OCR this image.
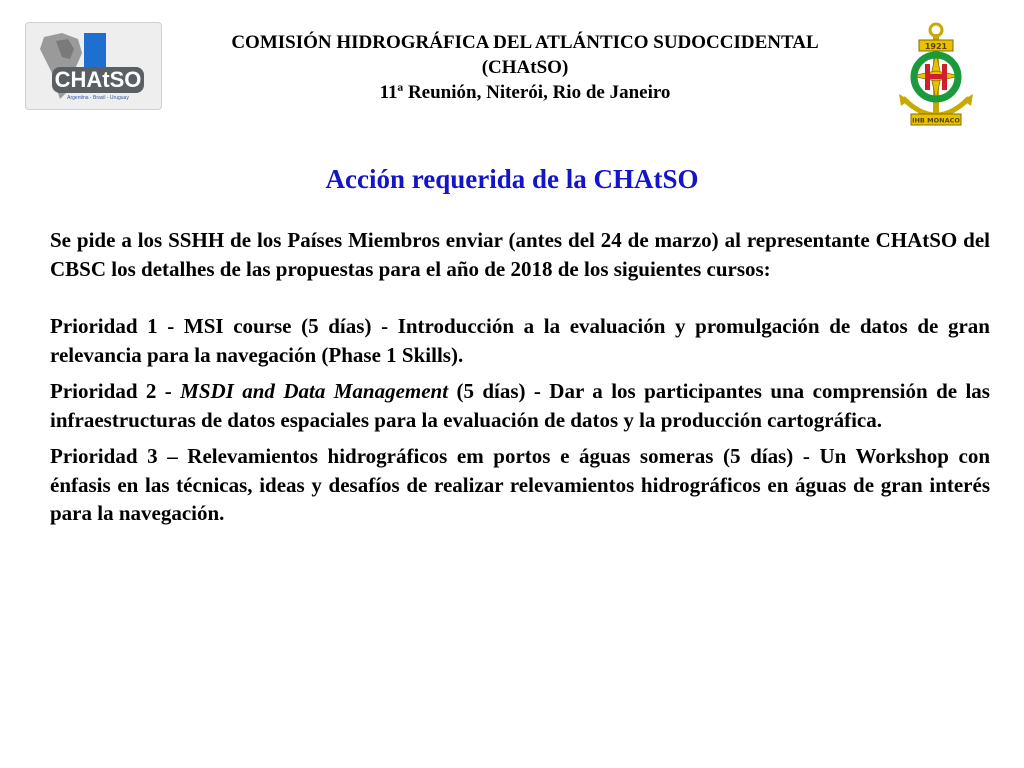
CHAtSO
Argentina - Brasil - Uruguay
COMISIÓN HIDROGRÁFICA DEL ATLÁNTICO SUDOCCIDENTAL
(CHAtSO)
11ª Reunión, Niterói, Rio de Janeiro
1921
IHB MONACO
Acción requerida de la CHAtSO

Se pide a los SSHH de los Países Miembros enviar (antes del 24 de marzo) al representante CHAtSO del CBSC los detalhes de las propuestas para el año de 2018 de los siguientes cursos:

Prioridad 1 - MSI course (5 días) - Introducción a la evaluación y promulgación de datos de gran relevancia para la navegación (Phase 1 Skills).

Prioridad 2 - MSDI and Data Management (5 días) - Dar a los participantes una comprensión de las infraestructuras de datos espaciales para la evaluación de datos y la producción cartográfica.

Prioridad 3 – Relevamientos hidrográficos em portos e águas someras (5 días) - Un Workshop con énfasis en las técnicas, ideas y desafíos de realizar relevamientos hidrográficos en águas de gran interés para la navegación.
